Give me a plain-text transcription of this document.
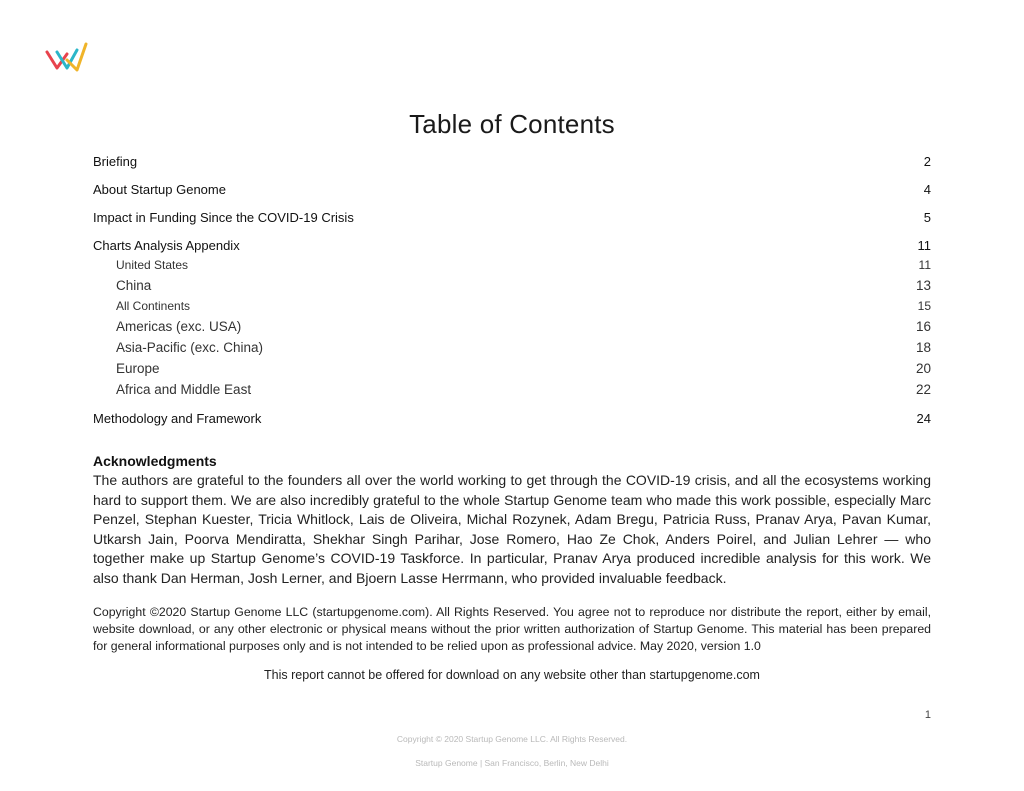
Table of Contents
Briefing	2
About Startup Genome	4
Impact in Funding Since the COVID-19 Crisis	5
Charts Analysis Appendix	11
United States	11
China	13
All Continents	15
Americas (exc. USA)	16
Asia-Pacific (exc. China)	18
Europe	20
Africa and Middle East	22
Methodology and Framework	24
Acknowledgments

The authors are grateful to the founders all over the world working to get through the COVID-19 crisis, and all the ecosystems working hard to support them. We are also incredibly grateful to the whole Startup Genome team who made this work possible, especially Marc Penzel, Stephan Kuester, Tricia Whitlock, Lais de Oliveira, Michal Rozynek, Adam Bregu, Patricia Russ, Pranav Arya, Pavan Kumar, Utkarsh Jain, Poorva Mendiratta, Shekhar Singh Parihar, Jose Romero, Hao Ze Chok, Anders Poirel, and Julian Lehrer — who together make up Startup Genome’s COVID-19 Taskforce. In particular, Pranav Arya produced incredible analysis for this work. We also thank Dan Herman, Josh Lerner, and Bjoern Lasse Herrmann, who provided invaluable feedback.

Copyright ©2020 Startup Genome LLC (startupgenome.com). All Rights Reserved. You agree not to reproduce nor distribute the report, either by email, website download, or any other electronic or physical means without the prior written authorization of Startup Genome. This material has been prepared for general informational purposes only and is not intended to be relied upon as professional advice. May 2020, version 1.0

This report cannot be offered for download on any website other than startupgenome.com
1
Copyright © 2020 Startup Genome LLC. All Rights Reserved.
Startup Genome | San Francisco, Berlin, New Delhi
